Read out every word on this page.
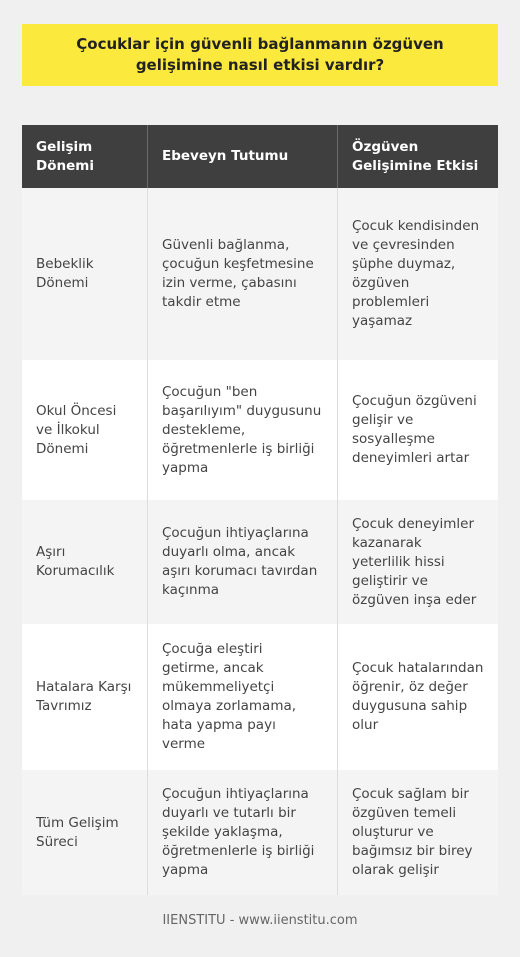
Çocuklar için güvenli bağlanmanın özgüven gelişimine nasıl etkisi vardır?
Gelişim Dönemi
Ebeveyn Tutumu
Özgüven Gelişimine Etkisi
Bebeklik Dönemi
Güvenli bağlanma, çocuğun keşfetmesine izin verme, çabasını takdir etme
Çocuk kendisinden ve çevresinden şüphe duymaz, özgüven problemleri yaşamaz
Okul Öncesi ve İlkokul Dönemi
Çocuğun "ben başarılıyım" duygusunu destekleme, öğretmenlerle iş birliği yapma
Çocuğun özgüveni gelişir ve sosyalleşme deneyimleri artar
Aşırı Korumacılık
Çocuğun ihtiyaçlarına duyarlı olma, ancak aşırı korumacı tavırdan kaçınma
Çocuk deneyimler kazanarak yeterlilik hissi geliştirir ve özgüven inşa eder
Hatalara Karşı Tavrımız
Çocuğa eleştiri getirme, ancak mükemmeliyetçi olmaya zorlamama, hata yapma payı verme
Çocuk hatalarından öğrenir, öz değer duygusuna sahip olur
Tüm Gelişim Süreci
Çocuğun ihtiyaçlarına duyarlı ve tutarlı bir şekilde yaklaşma, öğretmenlerle iş birliği yapma
Çocuk sağlam bir özgüven temeli oluşturur ve bağımsız bir birey olarak gelişir
IIENSTITU - www.iienstitu.com
